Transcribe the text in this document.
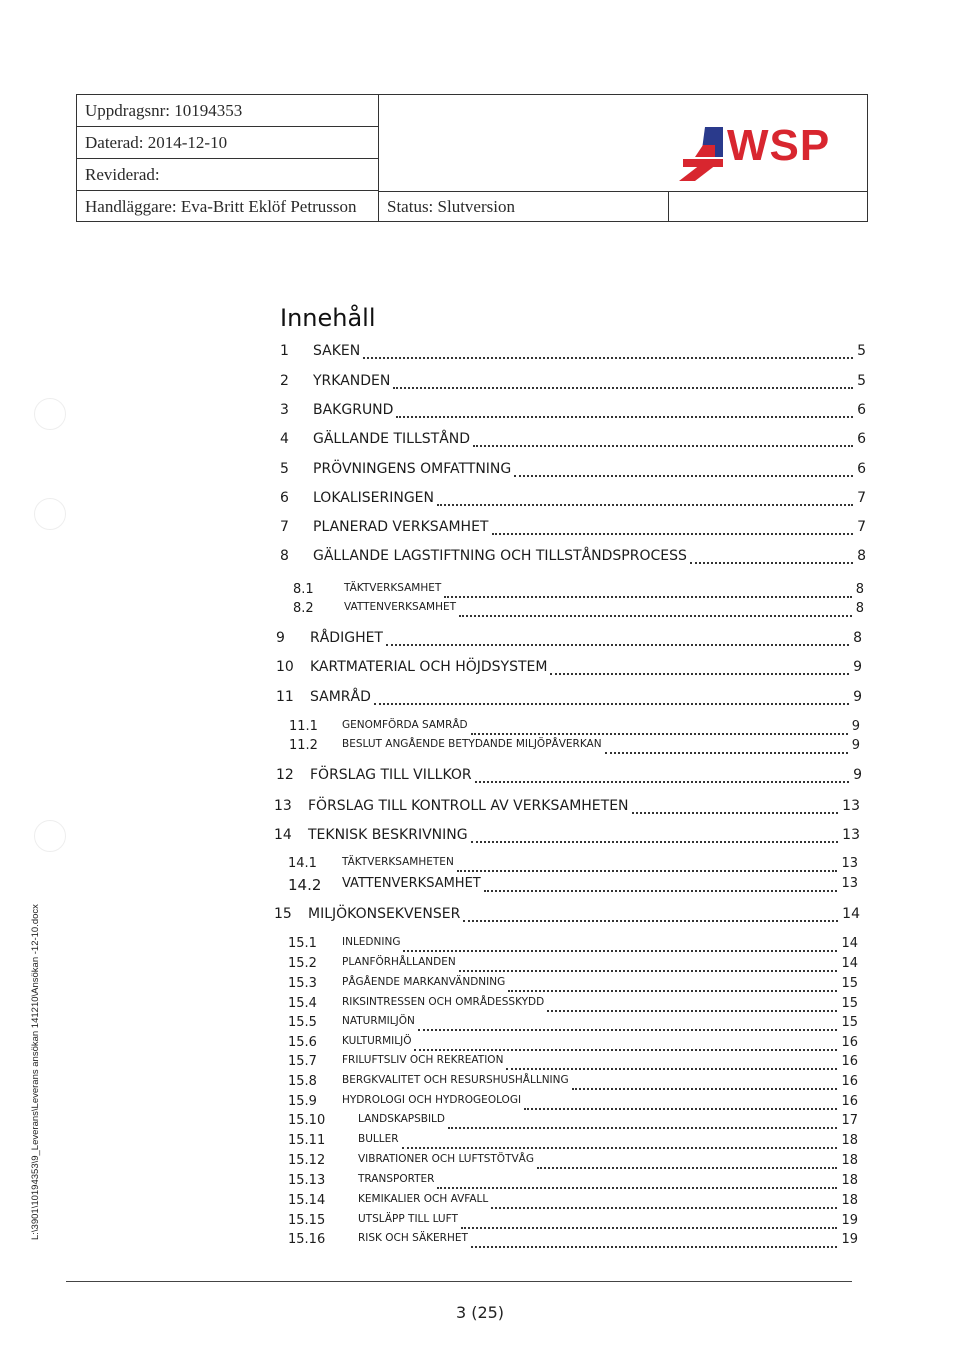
Uppdragsnr: 10194353
Daterad: 2014-12-10
Reviderad:
Handläggare: Eva-Britt Eklöf Petrusson	Status: Slutversion
WSP
L:\3901\10194353\9_Leverans\Leverans ansökan 141210\Ansökan -12-10.docx
Innehåll
1 SAKEN	5
2 YRKANDEN	5
3 BAKGRUND	6
4 GÄLLANDE TILLSTÅND	6
5 PRÖVNINGENS OMFATTNING	6
6 LOKALISERINGEN	7
7 PLANERAD VERKSAMHET	7
8 GÄLLANDE LAGSTIFTNING OCH TILLSTÅNDSPROCESS	8
8.1	TÄKTVERKSAMHET	8
8.2	VATTENVERKSAMHET	8
9 RÅDIGHET	8
10 KARTMATERIAL OCH HÖJDSYSTEM	9
11 SAMRÅD	9
11.1 GENOMFÖRDA SAMRÅD	9
11.2 BESLUT ANGÅENDE BETYDANDE MILJÖPÅVERKAN	9
12 FÖRSLAG TILL VILLKOR	9
13 FÖRSLAG TILL KONTROLL AV VERKSAMHETEN	13
14 TEKNISK BESKRIVNING	13
14.1 TÄKTVERKSAMHETEN	13
14.2 VATTENVERKSAMHET	13
15 MILJÖKONSEKVENSER	14
15.1 INLEDNING	14
15.2 PLANFÖRHÅLLANDEN	14
15.3 PÅGÅENDE MARKANVÄNDNING	15
15.4 RIKSINTRESSEN OCH OMRÅDESSKYDD	15
15.5 NATURMILJÖN	15
15.6 KULTURMILJÖ	16
15.7 FRILUFTSLIV OCH REKREATION	16
15.8 BERGKVALITET OCH RESURSHUSHÅLLNING	16
15.9 HYDROLOGI OCH HYDROGEOLOGI	16
15.10	LANDSKAPSBILD	17
15.11	BULLER	18
15.12	VIBRATIONER OCH LUFTSTÖTVÅG	18
15.13	TRANSPORTER	18
15.14	KEMIKALIER OCH AVFALL	18
15.15	UTSLÄPP TILL LUFT	19
15.16	RISK OCH SÄKERHET	19
3 (25)
